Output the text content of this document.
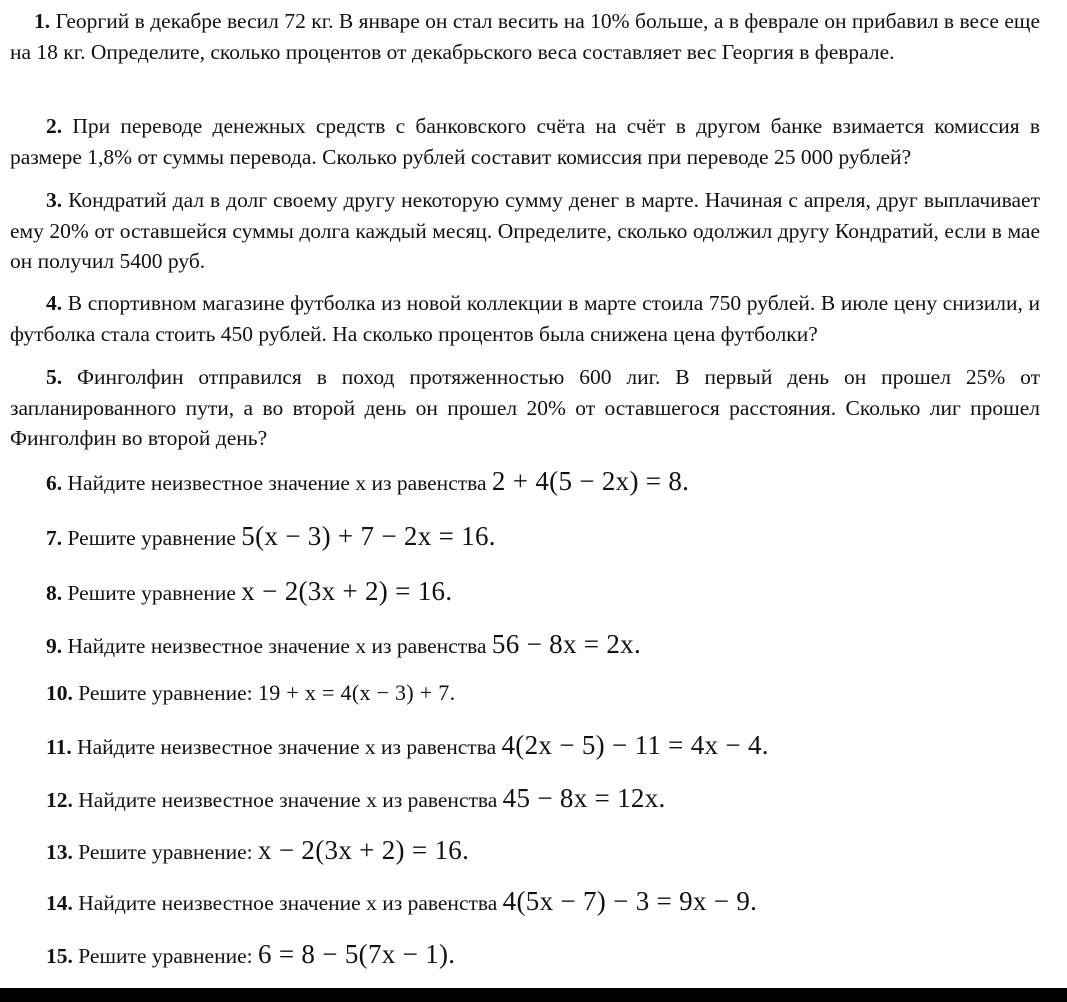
1. Георгий в декабре весил 72 кг. В январе он стал весить на 10% больше, а в феврале он прибавил в весе еще на 18 кг. Определите, сколько процентов от декабрьского веса составляет вес Георгия в феврале.

2. При переводе денежных средств с банковского счёта на счёт в другом банке взимается комиссия в размере 1,8% от суммы перевода. Сколько рублей составит комиссия при переводе 25 000 рублей?

3. Кондратий дал в долг своему другу некоторую сумму денег в марте. Начиная с апреля, друг выплачивает ему 20% от оставшейся суммы долга каждый месяц. Определите, сколько одолжил другу Кондратий, если в мае он получил 5400 руб.

4. В спортивном магазине футболка из новой коллекции в марте стоила 750 рублей. В июле цену снизили, и футболка стала стоить 450 рублей. На сколько процентов была снижена цена футболки?

5. Финголфин отправился в поход протяженностью 600 лиг. В первый день он прошел 25% от запланированного пути, а во второй день он прошел 20% от оставшегося расстояния. Сколько лиг прошел Финголфин во второй день?

6. Найдите неизвестное значение x из равенства 2 + 4(5 − 2x) = 8.

7. Решите уравнение 5(x − 3) + 7 − 2x = 16.

8. Решите уравнение x − 2(3x + 2) = 16.

9. Найдите неизвестное значение x из равенства 56 − 8x = 2x.

10. Решите уравнение: 19 + x = 4(x − 3) + 7.

11. Найдите неизвестное значение x из равенства 4(2x − 5) − 11 = 4x − 4.

12. Найдите неизвестное значение x из равенства 45 − 8x = 12x.

13. Решите уравнение: x − 2(3x + 2) = 16.

14. Найдите неизвестное значение x из равенства 4(5x − 7) − 3 = 9x − 9.

15. Решите уравнение: 6 = 8 − 5(7x − 1).
